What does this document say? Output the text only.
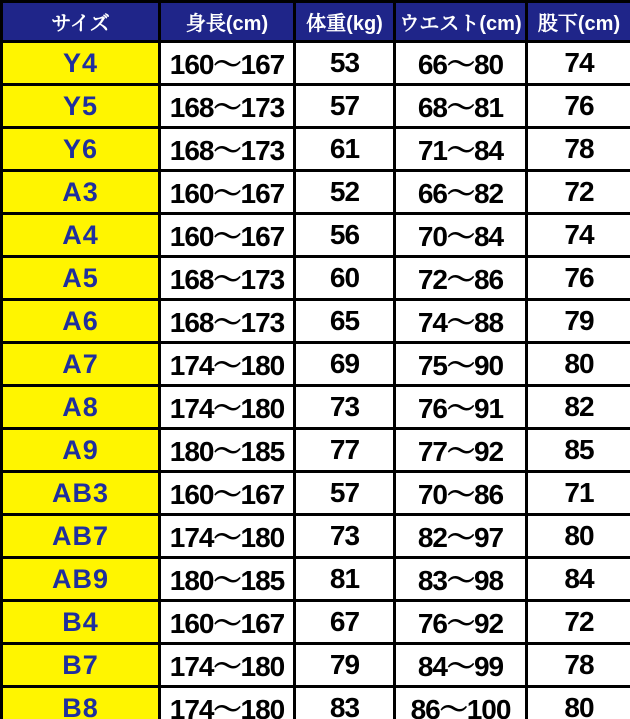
サイズ	身長(cm)	体重(kg)	ウエスト(cm)	股下(cm)
Y4	160〜167	53	66〜80	74
Y5	168〜173	57	68〜81	76
Y6	168〜173	61	71〜84	78
A3	160〜167	52	66〜82	72
A4	160〜167	56	70〜84	74
A5	168〜173	60	72〜86	76
A6	168〜173	65	74〜88	79
A7	174〜180	69	75〜90	80
A8	174〜180	73	76〜91	82
A9	180〜185	77	77〜92	85
AB3	160〜167	57	70〜86	71
AB7	174〜180	73	82〜97	80
AB9	180〜185	81	83〜98	84
B4	160〜167	67	76〜92	72
B7	174〜180	79	84〜99	78
B8	174〜180	83	86〜100	80
